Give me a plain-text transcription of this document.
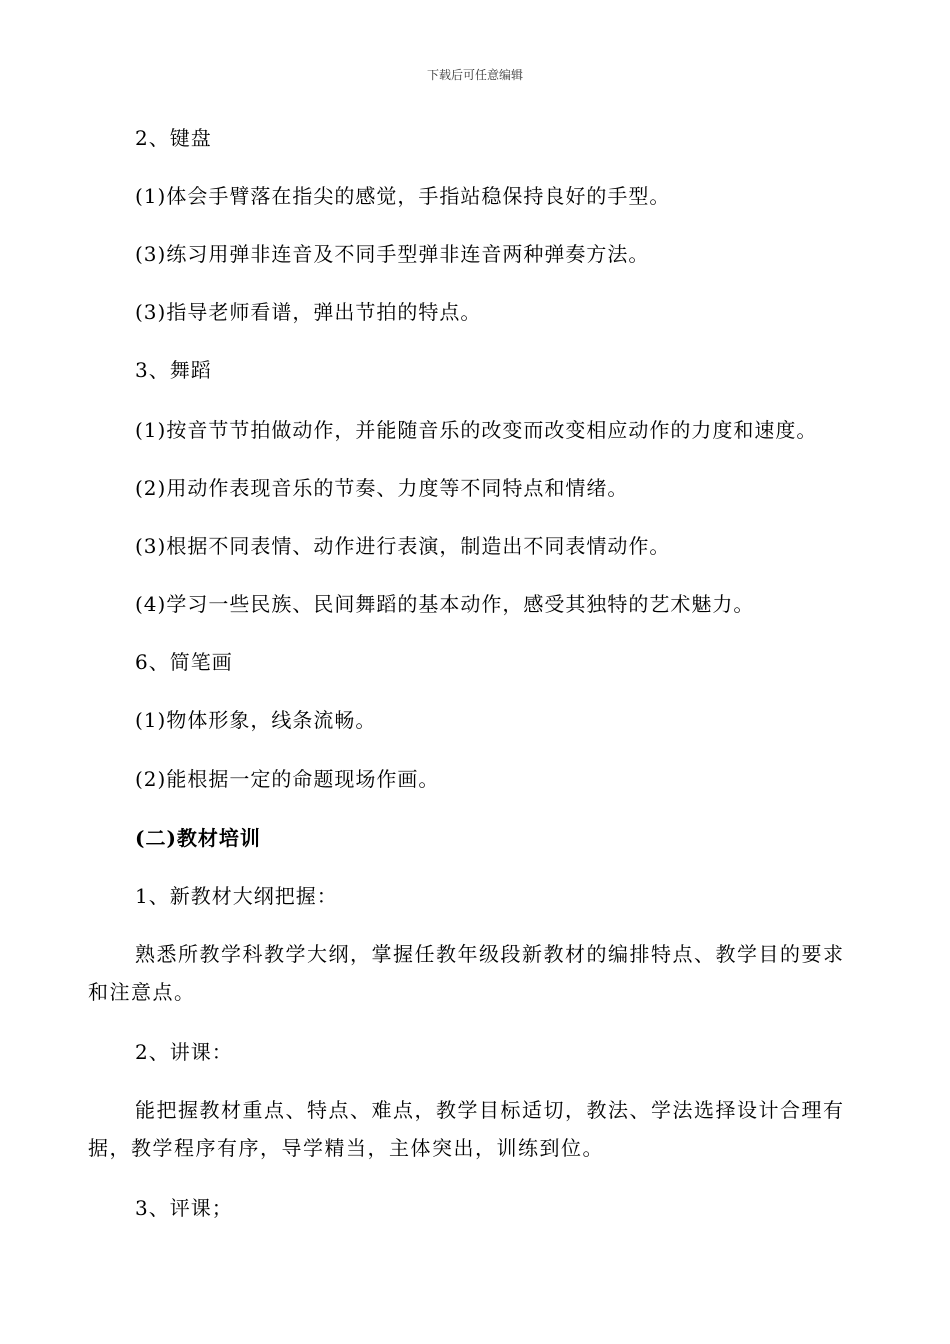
下载后可任意编辑
2、键盘
(1)体会手臂落在指尖的感觉，手指站稳保持良好的手型。
(3)练习用弹非连音及不同手型弹非连音两种弹奏方法。
(3)指导老师看谱，弹出节拍的特点。
3、舞蹈
(1)按音节节拍做动作，并能随音乐的改变而改变相应动作的力度和速度。
(2)用动作表现音乐的节奏、力度等不同特点和情绪。
(3)根据不同表情、动作进行表演，制造出不同表情动作。
(4)学习一些民族、民间舞蹈的基本动作，感受其独特的艺术魅力。
6、简笔画
(1)物体形象，线条流畅。
(2)能根据一定的命题现场作画。
(二)教材培训
1、新教材大纲把握：
熟悉所教学科教学大纲，掌握任教年级段新教材的编排特点、教学目的要求和注意点。
2、讲课：
能把握教材重点、特点、难点，教学目标适切，教法、学法选择设计合理有据，教学程序有序，导学精当，主体突出，训练到位。
3、评课；
